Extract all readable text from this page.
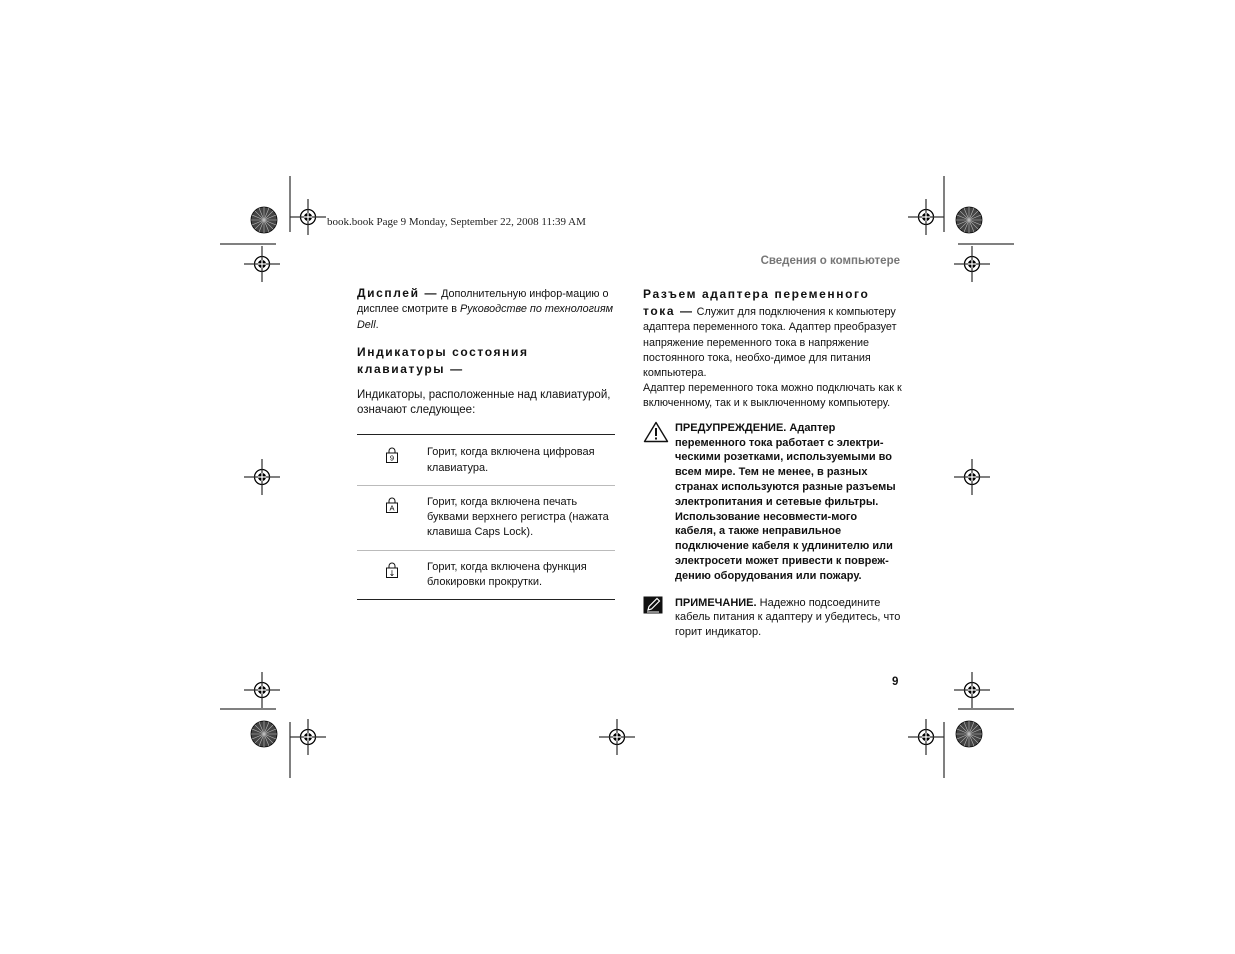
book.book Page 9 Monday, September 22, 2008 11:39 AM
Сведения о компьютере

Дисплей — Дополнительную инфор-мацию о дисплее смотрите в Руководстве по технологиям Dell.

Индикаторы состояния клавиатуры —

Индикаторы, расположенные над клавиатурой, означают следующее:

9
Горит, когда включена цифровая клавиатура.
A
Горит, когда включена печать буквами верхнего регистра (нажата клавиша Caps Lock).
↓
Горит, когда включена функция блокировки прокрутки.

Разъем адаптера переменного тока — Служит для подключения к компьютеру адаптера переменного тока. Адаптер преобразует напряжение переменного тока в напряжение постоянного тока, необхо-димое для питания компьютера.

Адаптер переменного тока можно подключать как к включенному, так и к выключенному компьютеру.

ПРЕДУПРЕЖДЕНИЕ. Адаптер переменного тока работает с электри-ческими розетками, используемыми во всем мире. Тем не менее, в разных странах используются разные разъемы электропитания и сетевые фильтры. Использование несовмести-мого кабеля, а также неправильное подключение кабеля к удлинителю или электросети может привести к повреж-дению оборудования или пожару.
ПРИМЕЧАНИЕ. Надежно подсоедините кабель питания к адаптеру и убедитесь, что горит индикатор.
9
